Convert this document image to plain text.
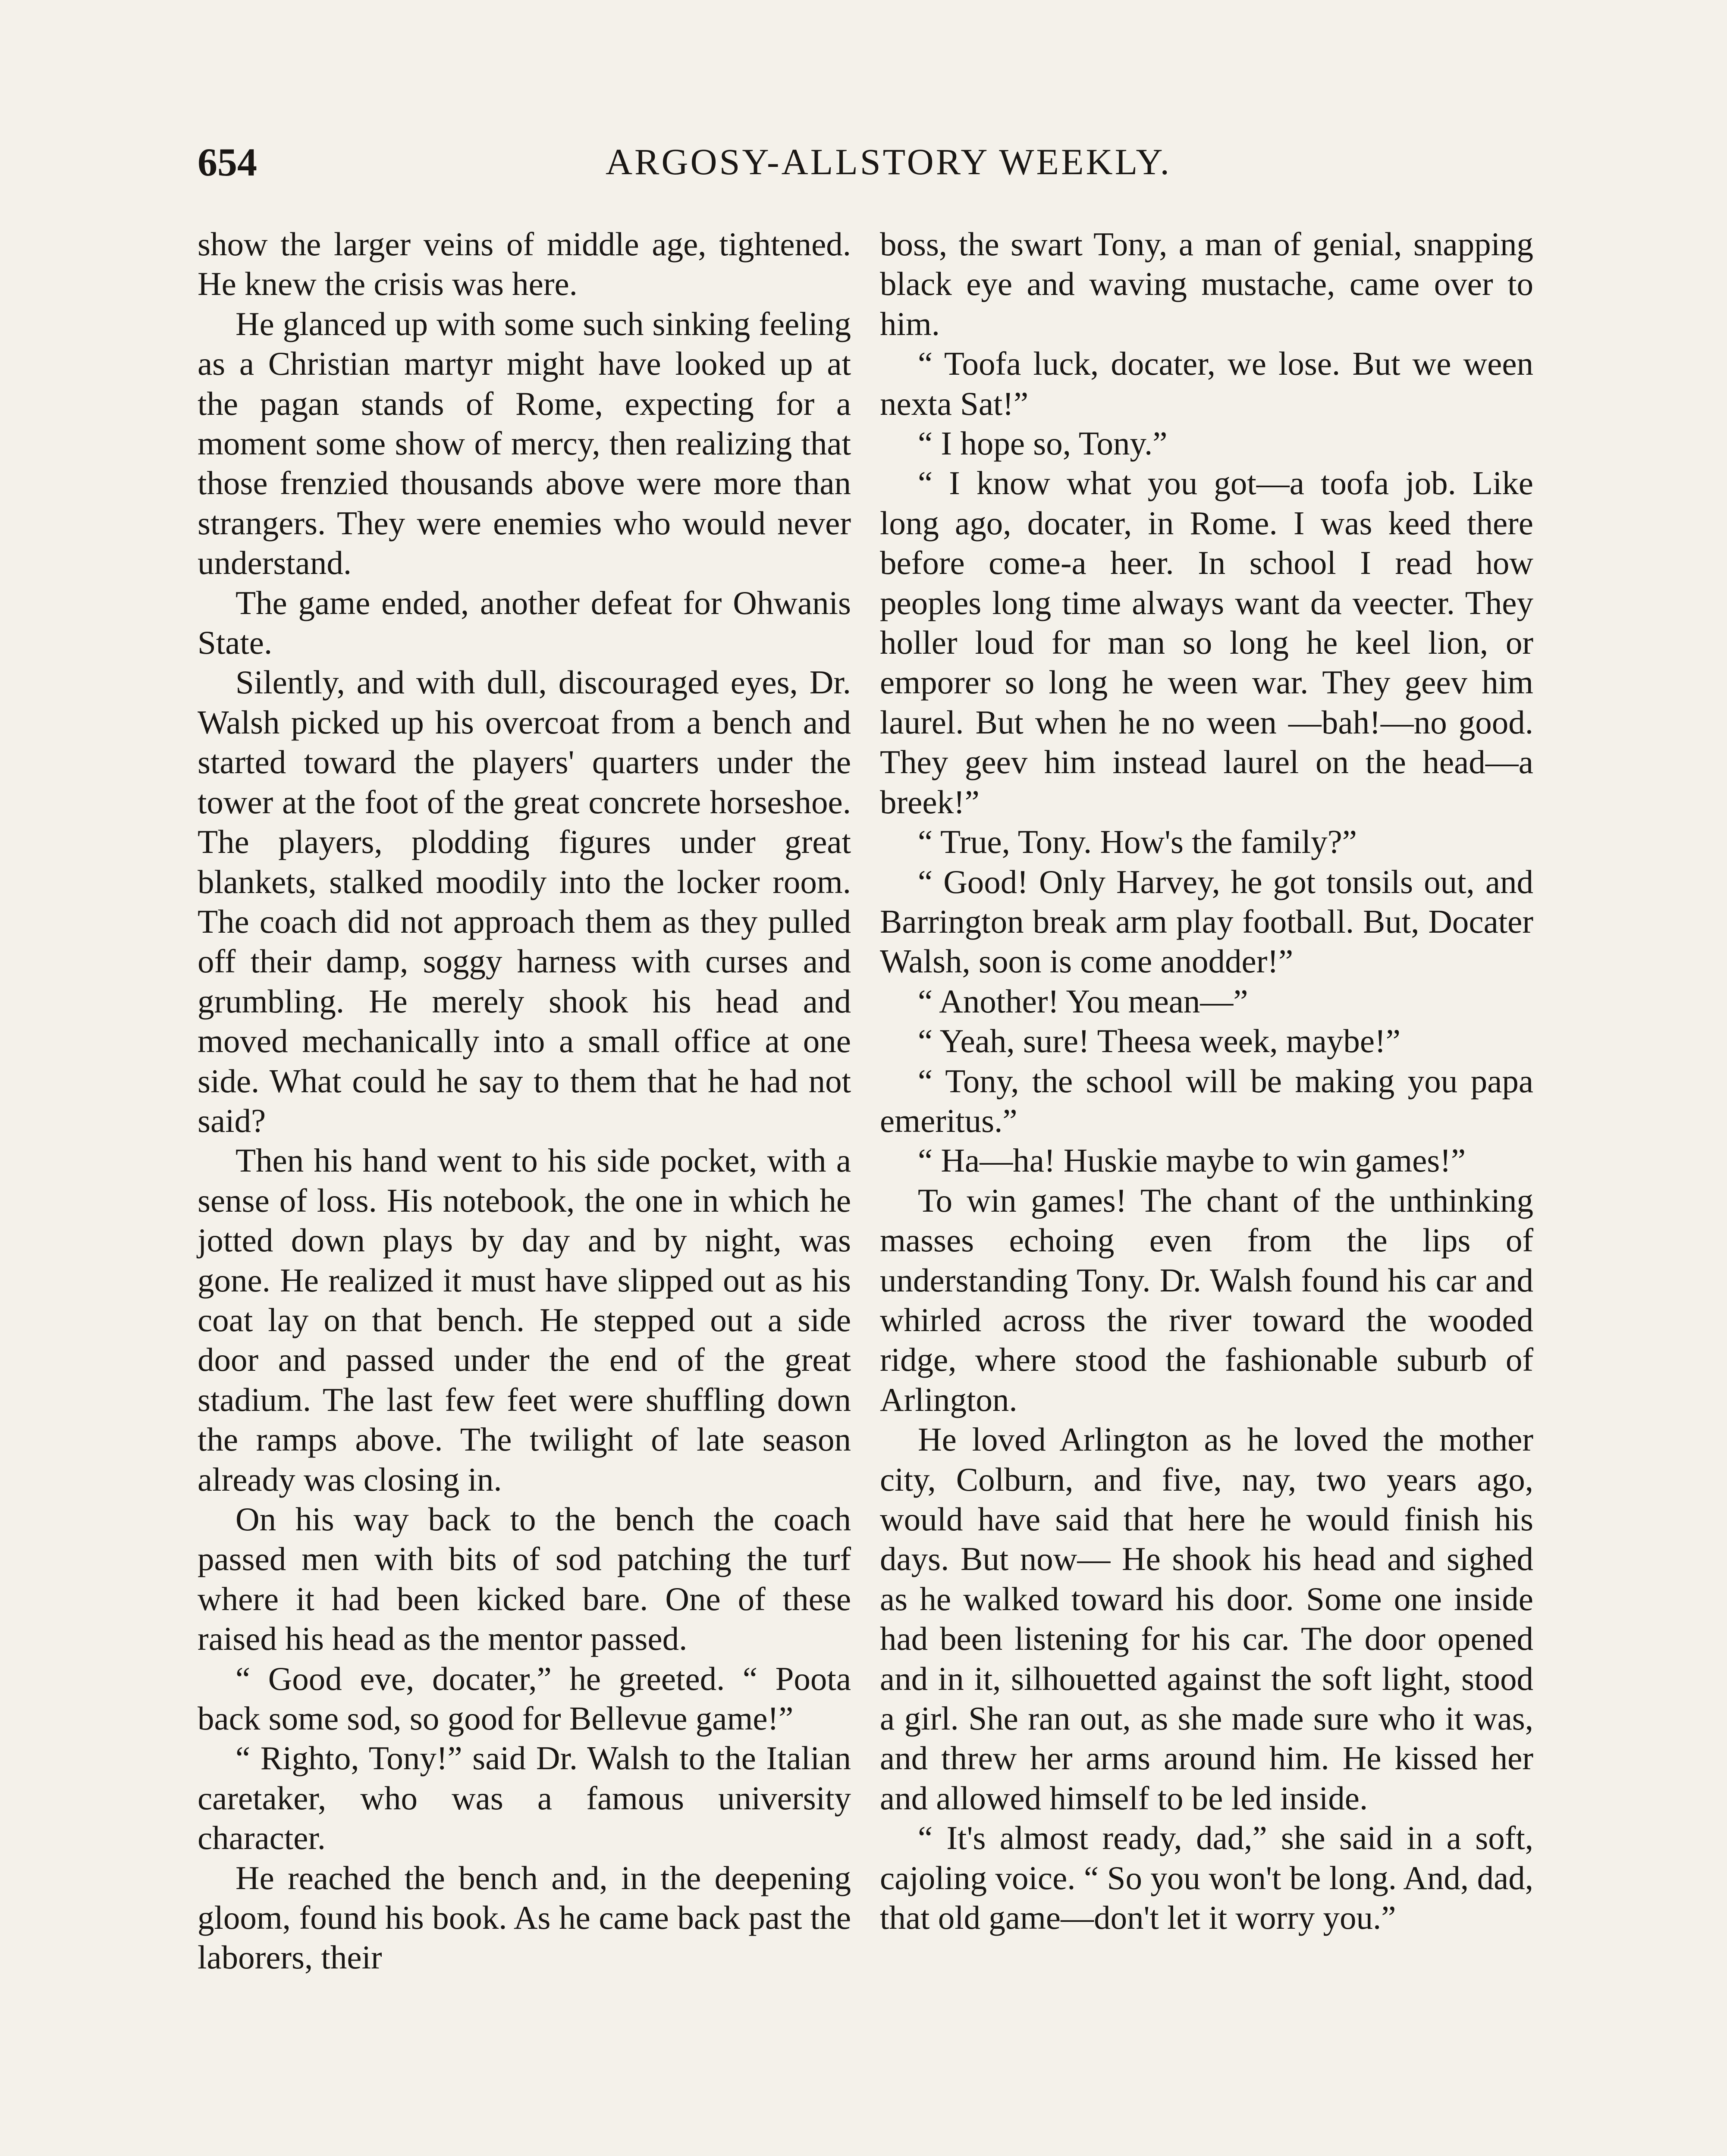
654	ARGOSY-ALLSTORY WEEKLY.

show the larger veins of middle age, tightened. He knew the crisis was here.

He glanced up with some such sinking feeling as a Christian martyr might have looked up at the pagan stands of Rome, expecting for a moment some show of mercy, then realizing that those frenzied thousands above were more than strangers. They were enemies who would never understand.

The game ended, another defeat for Ohwanis State.

Silently, and with dull, discouraged eyes, Dr. Walsh picked up his overcoat from a bench and started toward the players' quarters under the tower at the foot of the great concrete horseshoe. The players, plodding figures under great blankets, stalked moodily into the locker room. The coach did not approach them as they pulled off their damp, soggy harness with curses and grumbling. He merely shook his head and moved mechanically into a small office at one side. What could he say to them that he had not said?

Then his hand went to his side pocket, with a sense of loss. His notebook, the one in which he jotted down plays by day and by night, was gone. He realized it must have slipped out as his coat lay on that bench. He stepped out a side door and passed under the end of the great stadium. The last few feet were shuffling down the ramps above. The twilight of late season already was closing in.

On his way back to the bench the coach passed men with bits of sod patching the turf where it had been kicked bare. One of these raised his head as the mentor passed.

“ Good eve, docater,” he greeted. “ Poota back some sod, so good for Bellevue game!”

“ Righto, Tony!” said Dr. Walsh to the Italian caretaker, who was a famous university character.

He reached the bench and, in the deepening gloom, found his book. As he came back past the laborers, their

boss, the swart Tony, a man of genial, snapping black eye and waving mustache, came over to him.

“ Toofa luck, docater, we lose. But we ween nexta Sat!”

“ I hope so, Tony.”

“ I know what you got—a toofa job. Like long ago, docater, in Rome. I was keed there before come-a heer. In school I read how peoples long time always want da veecter. They holler loud for man so long he keel lion, or emporer so long he ween war. They geev him laurel. But when he no ween —bah!—no good. They geev him instead laurel on the head—a breek!”

“ True, Tony. How's the family?”

“ Good! Only Harvey, he got tonsils out, and Barrington break arm play football. But, Docater Walsh, soon is come anodder!”

“ Another! You mean—”

“ Yeah, sure! Theesa week, maybe!”

“ Tony, the school will be making you papa emeritus.”

“ Ha—ha! Huskie maybe to win games!”

To win games! The chant of the unthinking masses echoing even from the lips of understanding Tony. Dr. Walsh found his car and whirled across the river toward the wooded ridge, where stood the fashionable suburb of Arlington.

He loved Arlington as he loved the mother city, Colburn, and five, nay, two years ago, would have said that here he would finish his days. But now— He shook his head and sighed as he walked toward his door. Some one inside had been listening for his car. The door opened and in it, silhouetted against the soft light, stood a girl. She ran out, as she made sure who it was, and threw her arms around him. He kissed her and allowed himself to be led inside.

“ It's almost ready, dad,” she said in a soft, cajoling voice. “ So you won't be long. And, dad, that old game—don't let it worry you.”
